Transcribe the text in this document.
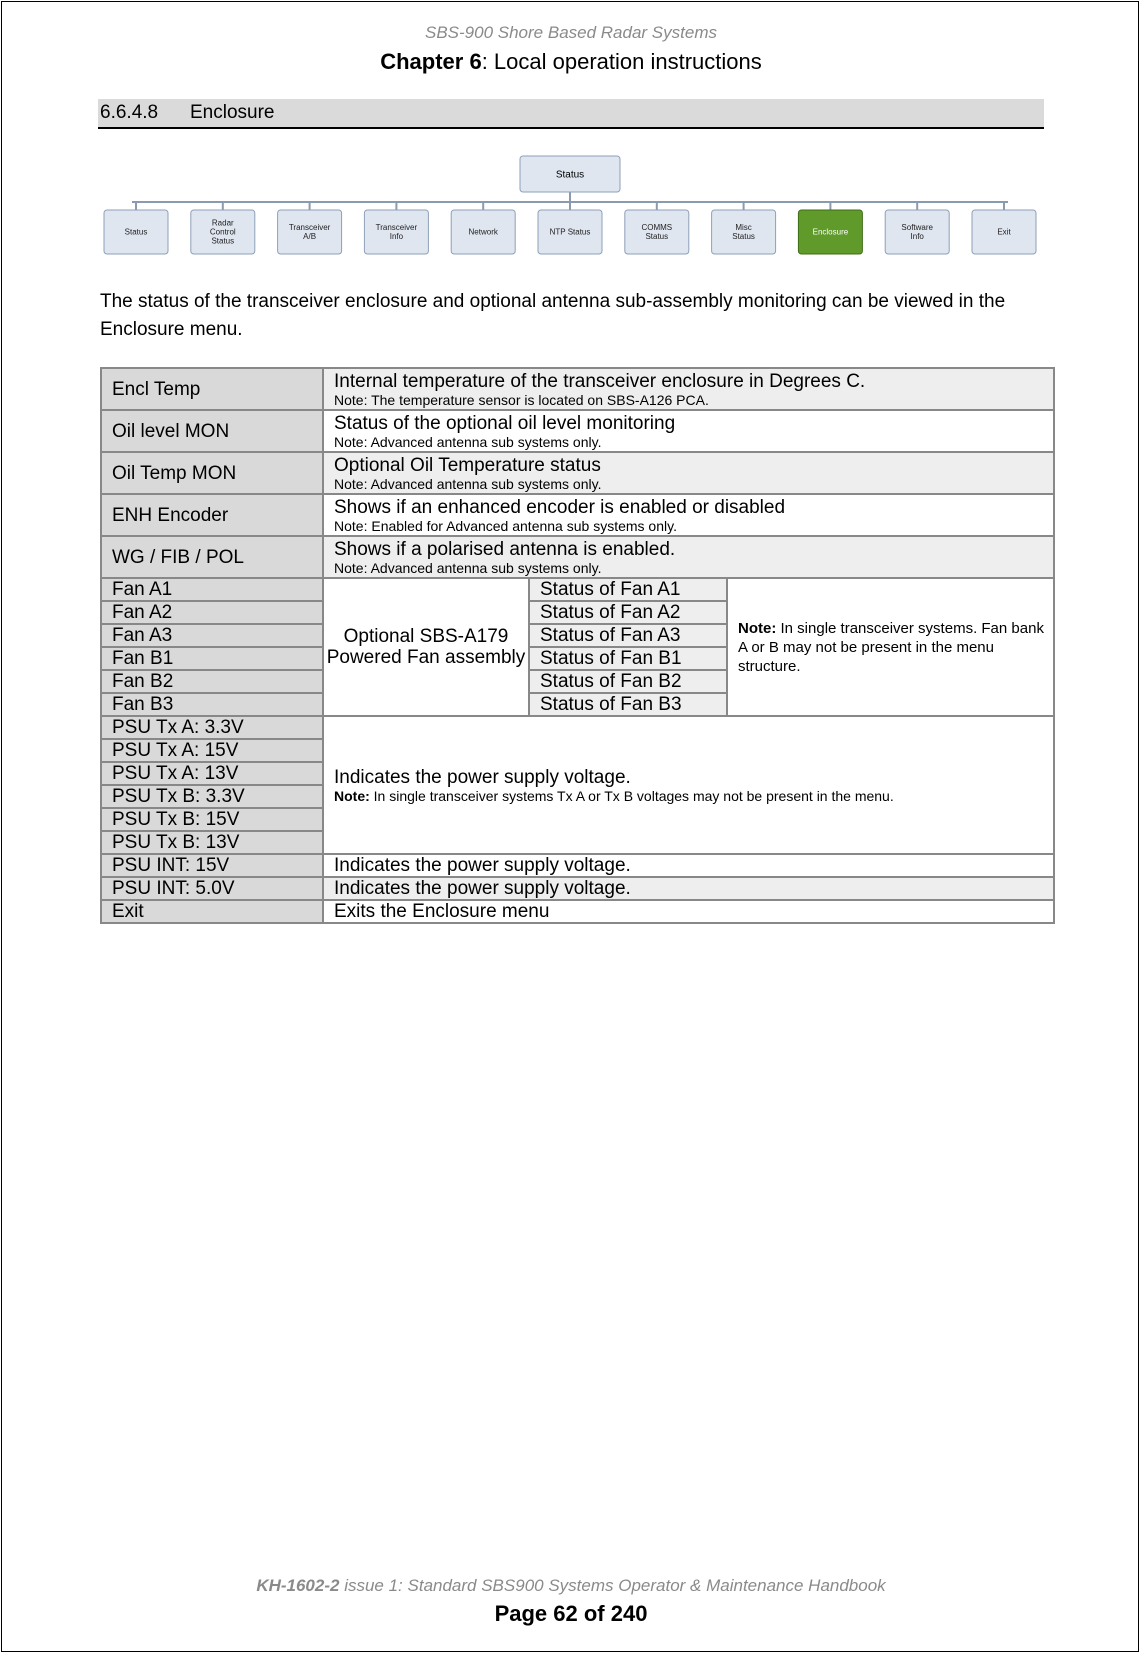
SBS-900 Shore Based Radar Systems
Chapter 6: Local operation instructions
6.6.4.8 Enclosure
Status
Status
Radar
Control
Status
Transceiver
A/B
Transceiver
Info	Network	NTP Status	COMMS
Status
Misc
Status	Enclosure	Software
Info	Exit
The status of the transceiver enclosure and optional antenna sub-assembly monitoring can be viewed in the Enclosure menu.
Encl Temp	Internal temperature of the transceiver enclosure in Degrees C.
Note: The temperature sensor is located on SBS-A126 PCA.		

Oil level MON	Status of the optional oil level monitoring
Note: Advanced antenna sub systems only.		

Oil Temp MON	Optional Oil Temperature status
Note: Advanced antenna sub systems only.		

ENH Encoder	Shows if an enhanced encoder is enabled or disabled
Note: Enabled for Advanced antenna sub systems only.		

WG / FIB / POL	Shows if a polarised antenna is enabled.
Note: Advanced antenna sub systems only.		

Fan A1	Optional SBS-A179 Powered Fan assembly	Status of Fan A1	Note: In single transceiver systems. Fan bank A or B may not be present in the menu structure.
Fan A2		Status of Fan A2	
Fan A3		Status of Fan A3	
Fan B1		Status of Fan B1	
Fan B2		Status of Fan B2	
Fan B3		Status of Fan B3	
PSU Tx A: 3.3V	Indicates the power supply voltage.
Note: In single transceiver systems Tx A or Tx B voltages may not be present in the menu.		

PSU Tx A: 15V			
PSU Tx A: 13V			
PSU Tx B: 3.3V			
PSU Tx B: 15V			
PSU Tx B: 13V			
PSU INT: 15V	Indicates the power supply voltage.		
PSU INT: 5.0V	Indicates the power supply voltage.		
Exit	Exits the Enclosure menu		
KH-1602-2 issue 1: Standard SBS900 Systems Operator & Maintenance Handbook
Page 62 of 240
